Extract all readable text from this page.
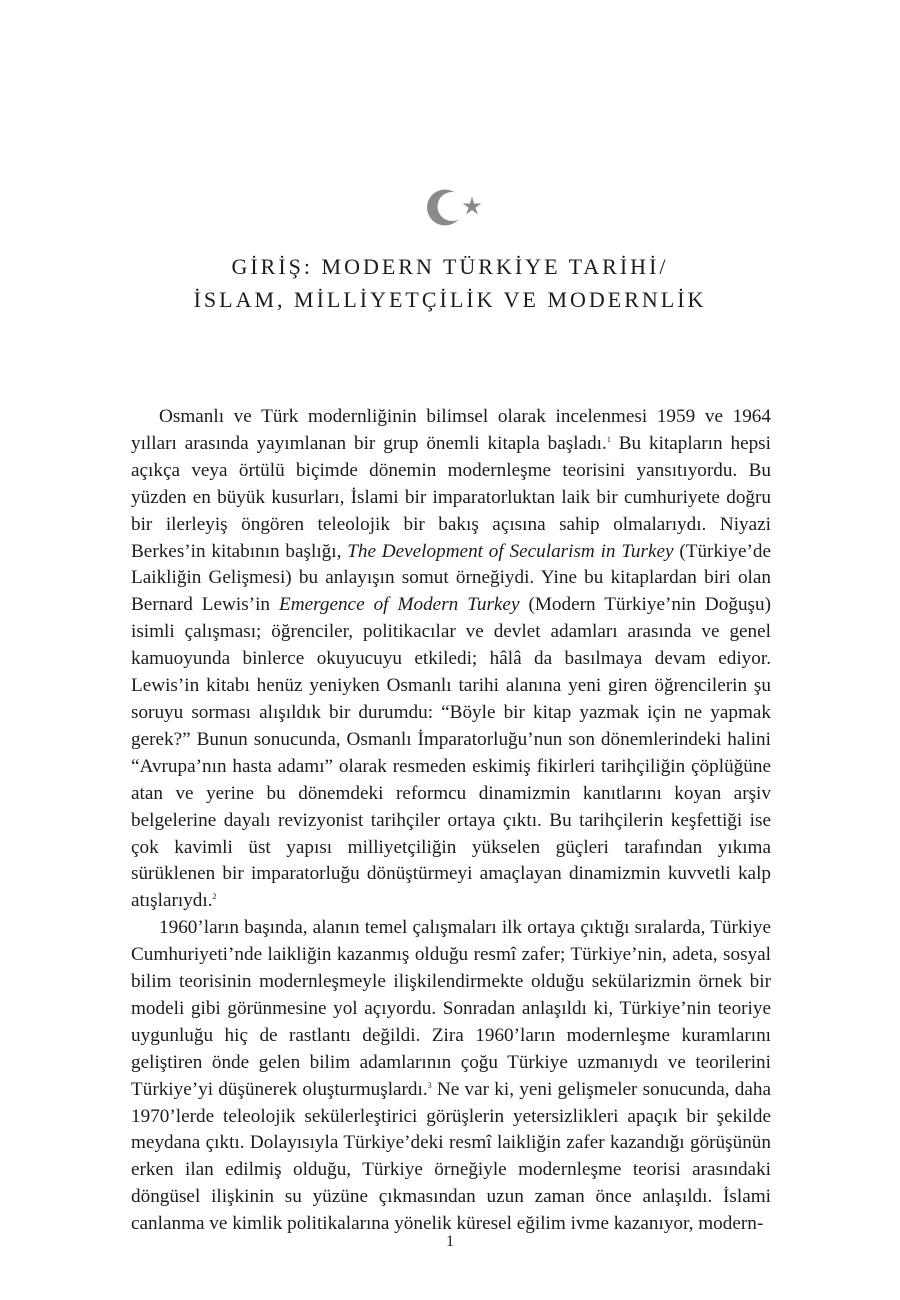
GİRİŞ: MODERN TÜRKİYE TARİHİ/
İSLAM, MİLLİYETÇİLİK VE MODERNLİK

Osmanlı ve Türk modernliğinin bilimsel olarak incelenmesi 1959 ve 1964 yılları arasında yayımlanan bir grup önemli kitapla başladı.$^1$ Bu kitapların hepsi açıkça veya örtülü biçimde dönemin modernleşme teorisini yansıtıyordu. Bu yüzden en büyük kusurları, İslami bir imparatorluktan laik bir cumhuriyete doğru bir ilerleyiş öngören teleolojik bir bakış açısına sahip olmalarıydı. Niyazi Berkes’in kitabının başlığı, The Development of Secularism in Turkey (Türkiye’de Laikliğin Gelişmesi) bu anlayışın somut örneğiydi. Yine bu kitaplardan biri olan Bernard Lewis’in Emergence of Modern Turkey (Modern Türkiye’nin Doğuşu) isimli çalışması; öğrenciler, politikacılar ve devlet adamları arasında ve genel kamuoyunda binlerce okuyucuyu etkiledi; hâlâ da basılmaya devam ediyor. Lewis’in kitabı henüz yeniyken Osmanlı tarihi alanına yeni giren öğrencilerin şu soruyu sorması alışıldık bir durumdu: “Böyle bir kitap yazmak için ne yapmak gerek?” Bunun sonucunda, Osmanlı İmparatorluğu’nun son dönemlerindeki halini “Avrupa’nın hasta adamı” olarak resmeden eskimiş fikirleri tarihçiliğin çöplüğüne atan ve yerine bu dönemdeki reformcu dinamizmin kanıtlarını koyan arşiv belgelerine dayalı revizyonist tarihçiler ortaya çıktı. Bu tarihçilerin keşfettiği ise çok kavimli üst yapısı milliyetçiliğin yükselen güçleri tarafından yıkıma sürüklenen bir imparatorluğu dönüştürmeyi amaçlayan dinamizmin kuvvetli kalp atışlarıydı.$^2$

1960’ların başında, alanın temel çalışmaları ilk ortaya çıktığı sıralarda, Türkiye Cumhuriyeti’nde laikliğin kazanmış olduğu resmî zafer; Türkiye’nin, adeta, sosyal bilim teorisinin modernleşmeyle ilişkilendirmekte olduğu sekülarizmin örnek bir modeli gibi görünmesine yol açıyordu. Sonradan anlaşıldı ki, Türkiye’nin teoriye uygunluğu hiç de rastlantı değildi. Zira 1960’ların modernleşme kuramlarını geliştiren önde gelen bilim adamlarının çoğu Türkiye uzmanıydı ve teorilerini Türkiye’yi düşünerek oluşturmuşlardı.$^3$ Ne var ki, yeni gelişmeler sonucunda, daha 1970’lerde teleolojik sekülerleştirici görüşlerin yetersizlikleri apaçık bir şekilde meydana çıktı. Dolayısıyla Türkiye’deki resmî laikliğin zafer kazandığı görüşünün erken ilan edilmiş olduğu, Türkiye örneğiyle modernleşme teorisi arasındaki döngüsel ilişkinin su yüzüne çıkmasından uzun zaman önce anlaşıldı. İslami canlanma ve kimlik politikalarına yönelik küresel eğilim ivme kazanıyor, modern-

1
